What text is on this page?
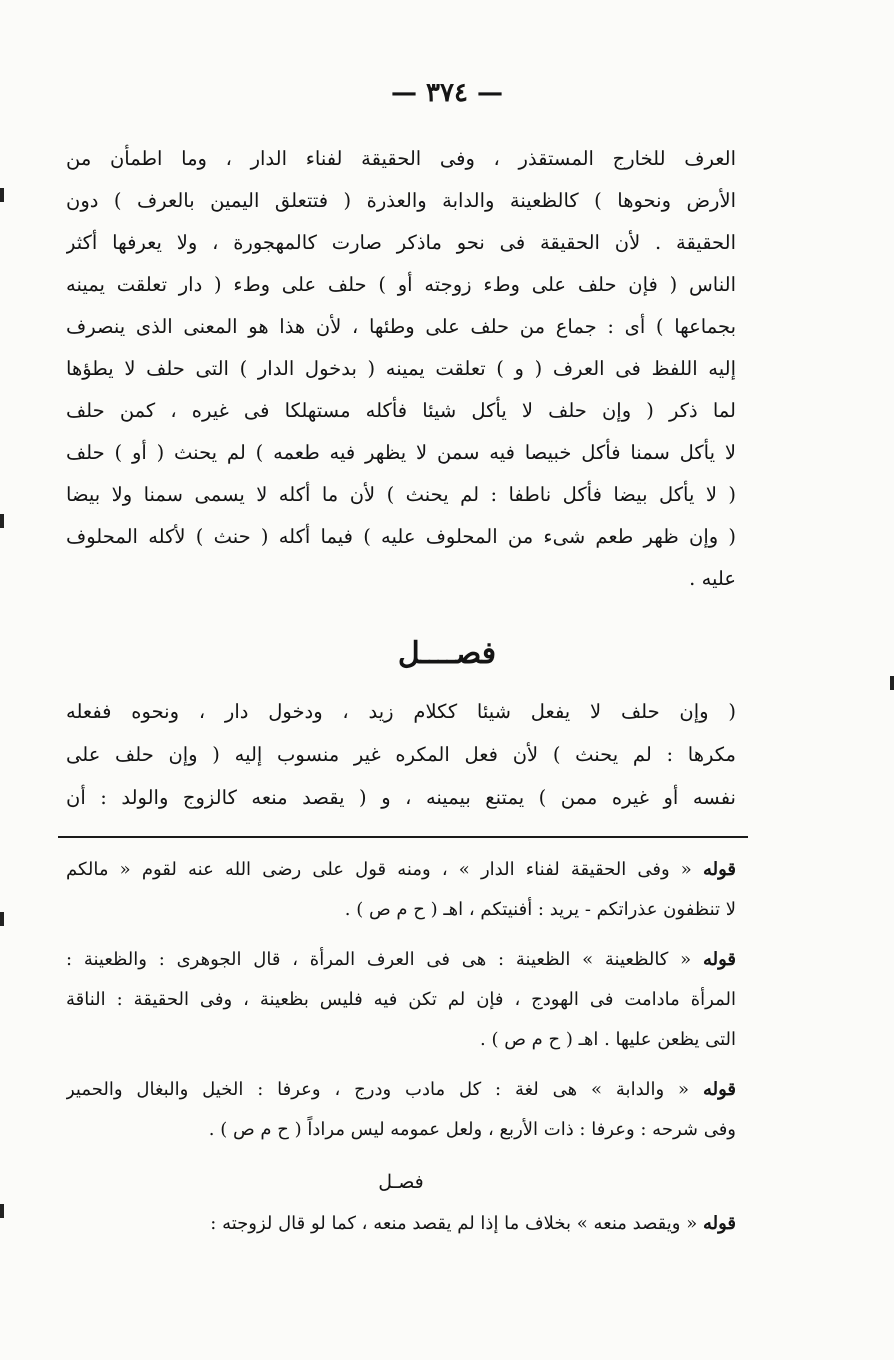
— ٣٧٤ —
العرف للخارج المستقذر ، وفى الحقيقة لفناء الدار ، وما اطمأن من
الأرض ونحوها ) كالظعينة والدابة والعذرة ( فتتعلق اليمين بالعرف ) دون
الحقيقة . لأن الحقيقة فى نحو ماذكر صارت كالمهجورة ، ولا يعرفها أكثر
الناس ( فإن حلف على وطء زوجته أو ) حلف على وطء ( دار تعلقت يمينه
بجماعها ) أى : جماع من حلف على وطئها ، لأن هذا هو المعنى الذى ينصرف
إليه اللفظ فى العرف ( و ) تعلقت يمينه ( بدخول الدار ) التى حلف لا يطؤها
لما ذكر ( وإن حلف لا يأكل شيئا فأكله مستهلكا فى غيره ، كمن حلف
لا يأكل سمنا فأكل خبيصا فيه سمن لا يظهر فيه طعمه ) لم يحنث ( أو ) حلف
( لا يأكل بيضا فأكل ناطفا : لم يحنث ) لأن ما أكله لا يسمى سمنا ولا بيضا
( وإن ظهر طعم شىء من المحلوف عليه ) فيما أكله ( حنث ) لأكله المحلوف
عليه .
فصــــل
( وإن حلف لا يفعل شيئا ككلام زيد ، ودخول دار ، ونحوه ففعله
مكرها : لم يحنث ) لأن فعل المكره غير منسوب إليه ( وإن حلف على
نفسه أو غيره ممن ) يمتنع بيمينه ، و ( يقصد منعه كالزوج والولد : أن
قوله « وفى الحقيقة لفناء الدار » ، ومنه قول على رضى الله عنه لقوم « مالكم
لا تنظفون عذراتكم - يريد : أفنيتكم ، اهـ ( ح م ص ) .
قوله « كالظعينة » الظعينة : هى فى العرف المرأة ، قال الجوهرى : والظعينة :
المرأة مادامت فى الهودج ، فإن لم تكن فيه فليس بظعينة ، وفى الحقيقة : الناقة
التى يظعن عليها . اهـ ( ح م ص ) .
قوله « والدابة » هى لغة : كل مادب ودرج ، وعرفا : الخيل والبغال والحمير
وفى شرحه : وعرفا : ذات الأربع ، ولعل عمومه ليس مراداً ( ح م ص ) .
فصـل
قوله « ويقصد منعه » بخلاف ما إذا لم يقصد منعه ، كما لو قال لزوجته :
